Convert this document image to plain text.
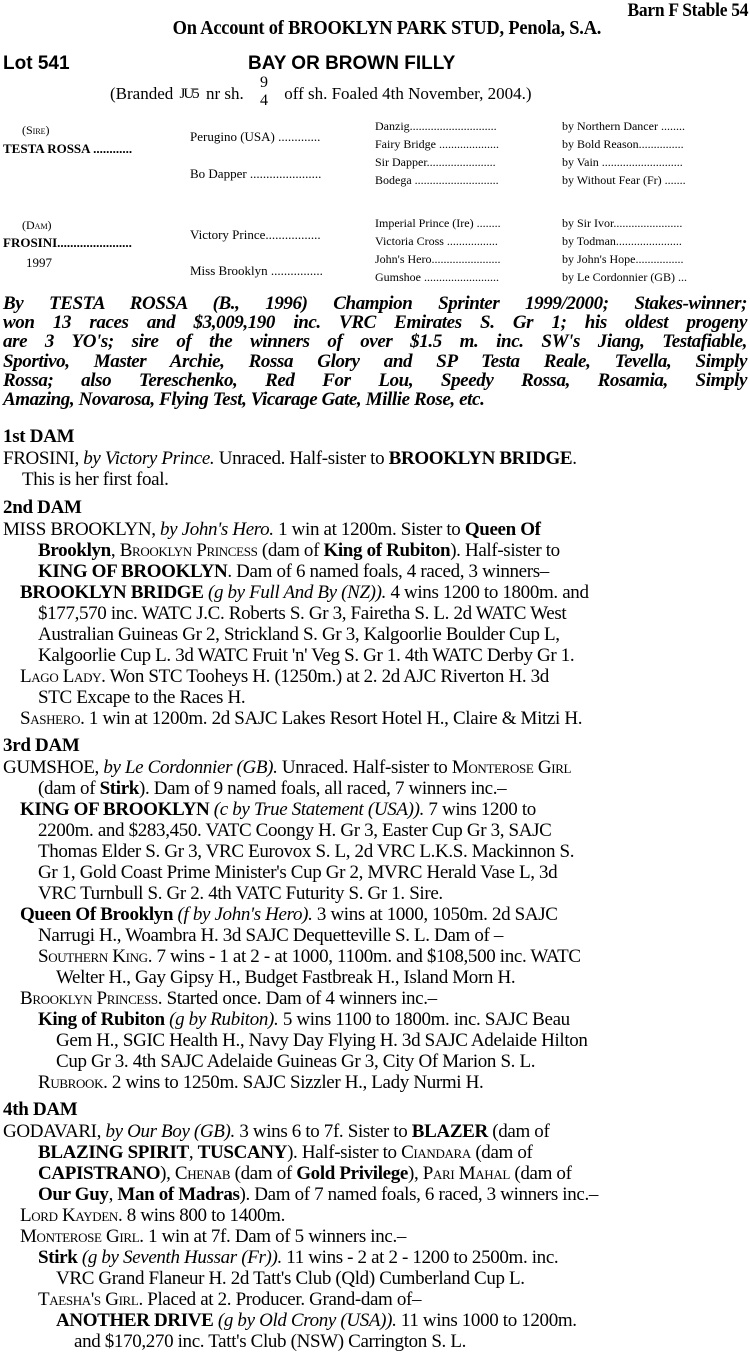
Barn F Stable 54
On Account of BROOKLYN PARK STUD, Penola, S.A.
Lot 541	BAY OR BROWN FILLY
(Branded JU5 nr sh.
9
4 off sh. Foaled 4th November, 2004.)
(Sire)
TESTA ROSSA ............
(Dam)
FROSINI.......................
1997
Perugino (USA) .............
Bo Dapper ......................
Victory Prince.................
Miss Brooklyn ................
Danzig.............................	by Northern Dancer ........
Fairy Bridge ....................	by Bold Reason...............
Sir Dapper.......................	by Vain ...........................
Bodega ............................	by Without Fear (Fr) .......
Imperial Prince (Ire) ........	by Sir Ivor.......................
Victoria Cross .................	by Todman......................
John's Hero.......................	by John's Hope................
Gumshoe .........................	by Le Cordonnier (GB) ...
By TESTA ROSSA (B., 1996) Champion Sprinter 1999/2000; Stakes-winner;
won 13 races and $3,009,190 inc. VRC Emirates S. Gr 1; his oldest progeny
are 3 YO's; sire of the winners of over $1.5 m. inc. SW's Jiang, Testafiable,
Sportivo, Master Archie, Rossa Glory and SP Testa Reale, Tevella, Simply
Rossa; also Tereschenko, Red For Lou, Speedy Rossa, Rosamia, Simply
Amazing, Novarosa, Flying Test, Vicarage Gate, Millie Rose, etc.
1st DAM
FROSINI, by Victory Prince. Unraced. Half-sister to BROOKLYN BRIDGE.
This is her first foal.
2nd DAM
MISS BROOKLYN, by John's Hero. 1 win at 1200m. Sister to Queen Of
Brooklyn, Brooklyn Princess (dam of King of Rubiton). Half-sister to
KING OF BROOKLYN. Dam of 6 named foals, 4 raced, 3 winners–
BROOKLYN BRIDGE (g by Full And By (NZ)). 4 wins 1200 to 1800m. and
$177,570 inc. WATC J.C. Roberts S. Gr 3, Fairetha S. L. 2d WATC West
Australian Guineas Gr 2, Strickland S. Gr 3, Kalgoorlie Boulder Cup L,
Kalgoorlie Cup L. 3d WATC Fruit 'n' Veg S. Gr 1. 4th WATC Derby Gr 1.
Lago Lady. Won STC Tooheys H. (1250m.) at 2. 2d AJC Riverton H. 3d
STC Excape to the Races H.
Sashero. 1 win at 1200m. 2d SAJC Lakes Resort Hotel H., Claire & Mitzi H.
3rd DAM
GUMSHOE, by Le Cordonnier (GB). Unraced. Half-sister to Monterose Girl
(dam of Stirk). Dam of 9 named foals, all raced, 7 winners inc.–
KING OF BROOKLYN (c by True Statement (USA)). 7 wins 1200 to
2200m. and $283,450. VATC Coongy H. Gr 3, Easter Cup Gr 3, SAJC
Thomas Elder S. Gr 3, VRC Eurovox S. L, 2d VRC L.K.S. Mackinnon S.
Gr 1, Gold Coast Prime Minister's Cup Gr 2, MVRC Herald Vase L, 3d
VRC Turnbull S. Gr 2. 4th VATC Futurity S. Gr 1. Sire.
Queen Of Brooklyn (f by John's Hero). 3 wins at 1000, 1050m. 2d SAJC
Narrugi H., Woambra H. 3d SAJC Dequetteville S. L. Dam of –
Southern King. 7 wins - 1 at 2 - at 1000, 1100m. and $108,500 inc. WATC
Welter H., Gay Gipsy H., Budget Fastbreak H., Island Morn H.
Brooklyn Princess. Started once. Dam of 4 winners inc.–
King of Rubiton (g by Rubiton). 5 wins 1100 to 1800m. inc. SAJC Beau
Gem H., SGIC Health H., Navy Day Flying H. 3d SAJC Adelaide Hilton
Cup Gr 3. 4th SAJC Adelaide Guineas Gr 3, City Of Marion S. L.
Rubrook. 2 wins to 1250m. SAJC Sizzler H., Lady Nurmi H.
4th DAM
GODAVARI, by Our Boy (GB). 3 wins 6 to 7f. Sister to BLAZER (dam of
BLAZING SPIRIT, TUSCANY). Half-sister to Ciandara (dam of
CAPISTRANO), Chenab (dam of Gold Privilege), Pari Mahal (dam of
Our Guy, Man of Madras). Dam of 7 named foals, 6 raced, 3 winners inc.–
Lord Kayden. 8 wins 800 to 1400m.
Monterose Girl. 1 win at 7f. Dam of 5 winners inc.–
Stirk (g by Seventh Hussar (Fr)). 11 wins - 2 at 2 - 1200 to 2500m. inc.
VRC Grand Flaneur H. 2d Tatt's Club (Qld) Cumberland Cup L.
Taesha's Girl. Placed at 2. Producer. Grand-dam of–
ANOTHER DRIVE (g by Old Crony (USA)). 11 wins 1000 to 1200m.
and $170,270 inc. Tatt's Club (NSW) Carrington S. L.
